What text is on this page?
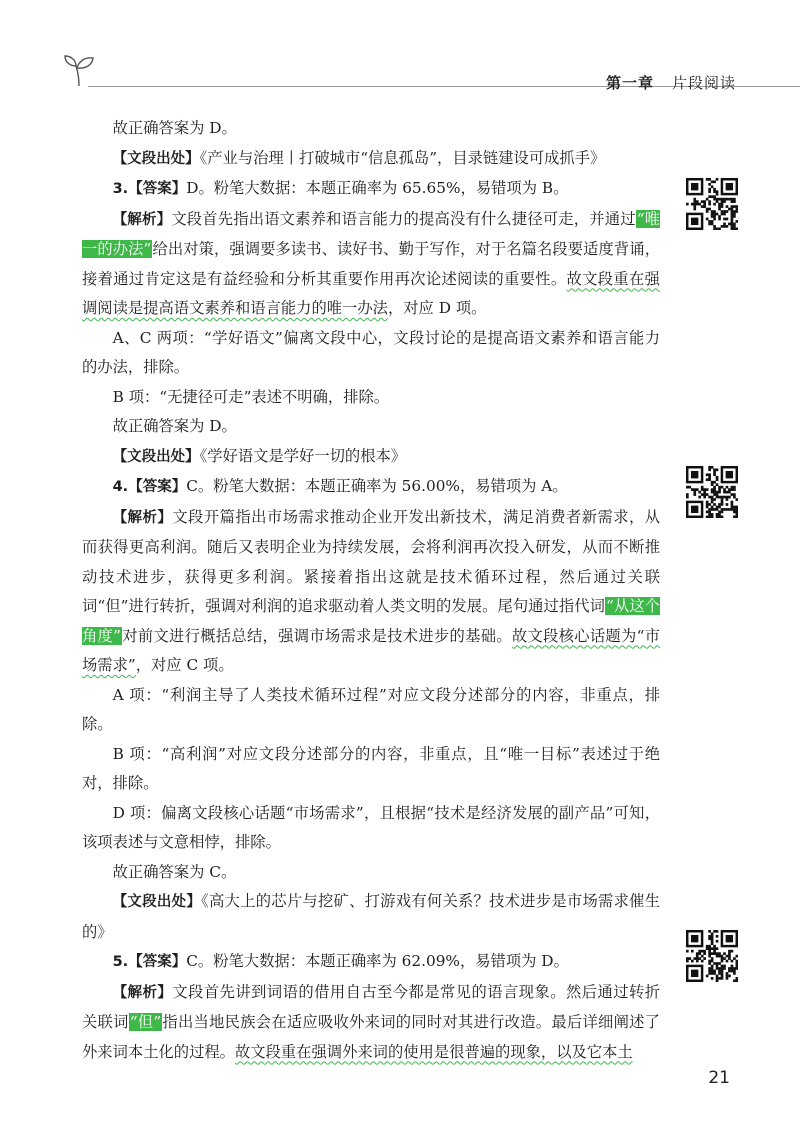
第一章 片段阅读

故正确答案为 D。

【文段出处】《产业与治理丨打破城市“信息孤岛”，目录链建设可成抓手》

3.【答案】D。粉笔大数据：本题正确率为 65.65%，易错项为 B。

【解析】文段首先指出语文素养和语言能力的提高没有什么捷径可走，并通过“唯一的办法”给出对策，强调要多读书、读好书、勤于写作，对于名篇名段要适度背诵，接着通过肯定这是有益经验和分析其重要作用再次论述阅读的重要性。故文段重在强调阅读是提高语文素养和语言能力的唯一办法，对应 D 项。

A、C 两项：“学好语文”偏离文段中心，文段讨论的是提高语文素养和语言能力的办法，排除。

B 项：“无捷径可走”表述不明确，排除。

故正确答案为 D。

【文段出处】《学好语文是学好一切的根本》

4.【答案】C。粉笔大数据：本题正确率为 56.00%，易错项为 A。

【解析】文段开篇指出市场需求推动企业开发出新技术，满足消费者新需求，从而获得更高利润。随后又表明企业为持续发展，会将利润再次投入研发，从而不断推动技术进步，获得更多利润。紧接着指出这就是技术循环过程，然后通过关联词“但”进行转折，强调对利润的追求驱动着人类文明的发展。尾句通过指代词“从这个角度”对前文进行概括总结，强调市场需求是技术进步的基础。故文段核心话题为“市场需求”，对应 C 项。

A 项：“利润主导了人类技术循环过程”对应文段分述部分的内容，非重点，排除。

B 项：“高利润”对应文段分述部分的内容，非重点，且“唯一目标”表述过于绝对，排除。

D 项：偏离文段核心话题“市场需求”，且根据“技术是经济发展的副产品”可知，该项表述与文意相悖，排除。

故正确答案为 C。

【文段出处】《高大上的芯片与挖矿、打游戏有何关系？技术进步是市场需求催生的》

5.【答案】C。粉笔大数据：本题正确率为 62.09%，易错项为 D。

【解析】文段首先讲到词语的借用自古至今都是常见的语言现象。然后通过转折关联词“但”指出当地民族会在适应吸收外来词的同时对其进行改造。最后详细阐述了外来词本土化的过程。故文段重在强调外来词的使用是很普遍的现象，以及它本土

21
